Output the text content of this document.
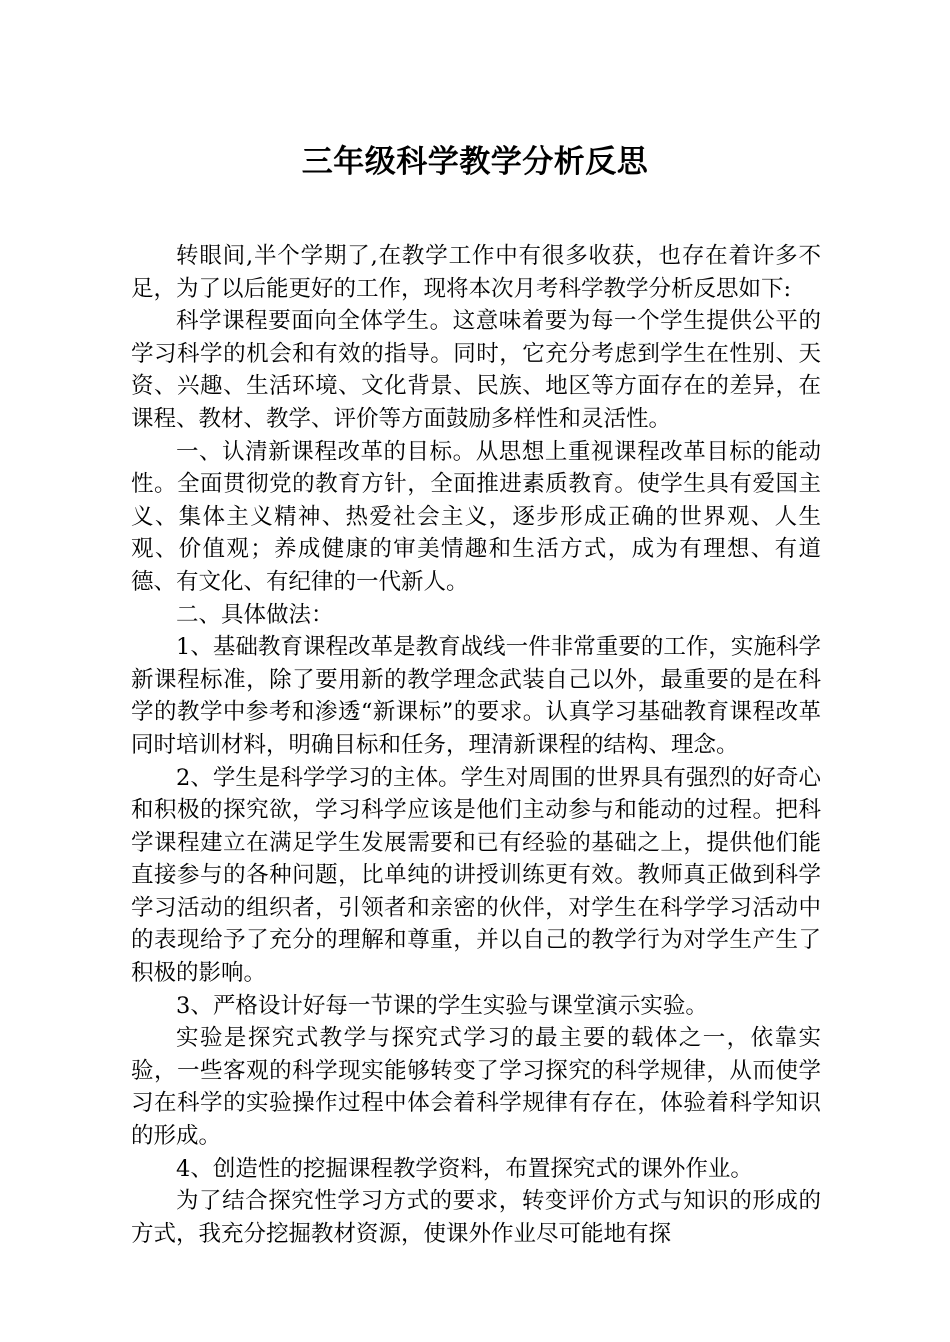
三年级科学教学分析反思

转眼间,半个学期了,在教学工作中有很多收获，也存在着许多不足，为了以后能更好的工作，现将本次月考科学教学分析反思如下:

科学课程要面向全体学生。这意味着要为每一个学生提供公平的学习科学的机会和有效的指导。同时，它充分考虑到学生在性别、天资、兴趣、生活环境、文化背景、民族、地区等方面存在的差异，在课程、教材、教学、评价等方面鼓励多样性和灵活性。

一、认清新课程改革的目标。从思想上重视课程改革目标的能动性。全面贯彻党的教育方针，全面推进素质教育。使学生具有爱国主义、集体主义精神、热爱社会主义，逐步形成正确的世界观、人生观、价值观；养成健康的审美情趣和生活方式，成为有理想、有道德、有文化、有纪律的一代新人。

二、具体做法：

1、基础教育课程改革是教育战线一件非常重要的工作，实施科学新课程标准，除了要用新的教学理念武装自己以外，最重要的是在科学的教学中参考和渗透“新课标”的要求。认真学习基础教育课程改革同时培训材料，明确目标和任务，理清新课程的结构、理念。

2、学生是科学学习的主体。学生对周围的世界具有强烈的好奇心和积极的探究欲，学习科学应该是他们主动参与和能动的过程。把科学课程建立在满足学生发展需要和已有经验的基础之上，提供他们能直接参与的各种问题，比单纯的讲授训练更有效。教师真正做到科学学习活动的组织者，引领者和亲密的伙伴，对学生在科学学习活动中的表现给予了充分的理解和尊重，并以自己的教学行为对学生产生了积极的影响。

3、严格设计好每一节课的学生实验与课堂演示实验。

实验是探究式教学与探究式学习的最主要的载体之一，依靠实验，一些客观的科学现实能够转变了学习探究的科学规律，从而使学习在科学的实验操作过程中体会着科学规律有存在，体验着科学知识的形成。

4、创造性的挖掘课程教学资料，布置探究式的课外作业。

为了结合探究性学习方式的要求，转变评价方式与知识的形成的方式，我充分挖掘教材资源，使课外作业尽可能地有探
